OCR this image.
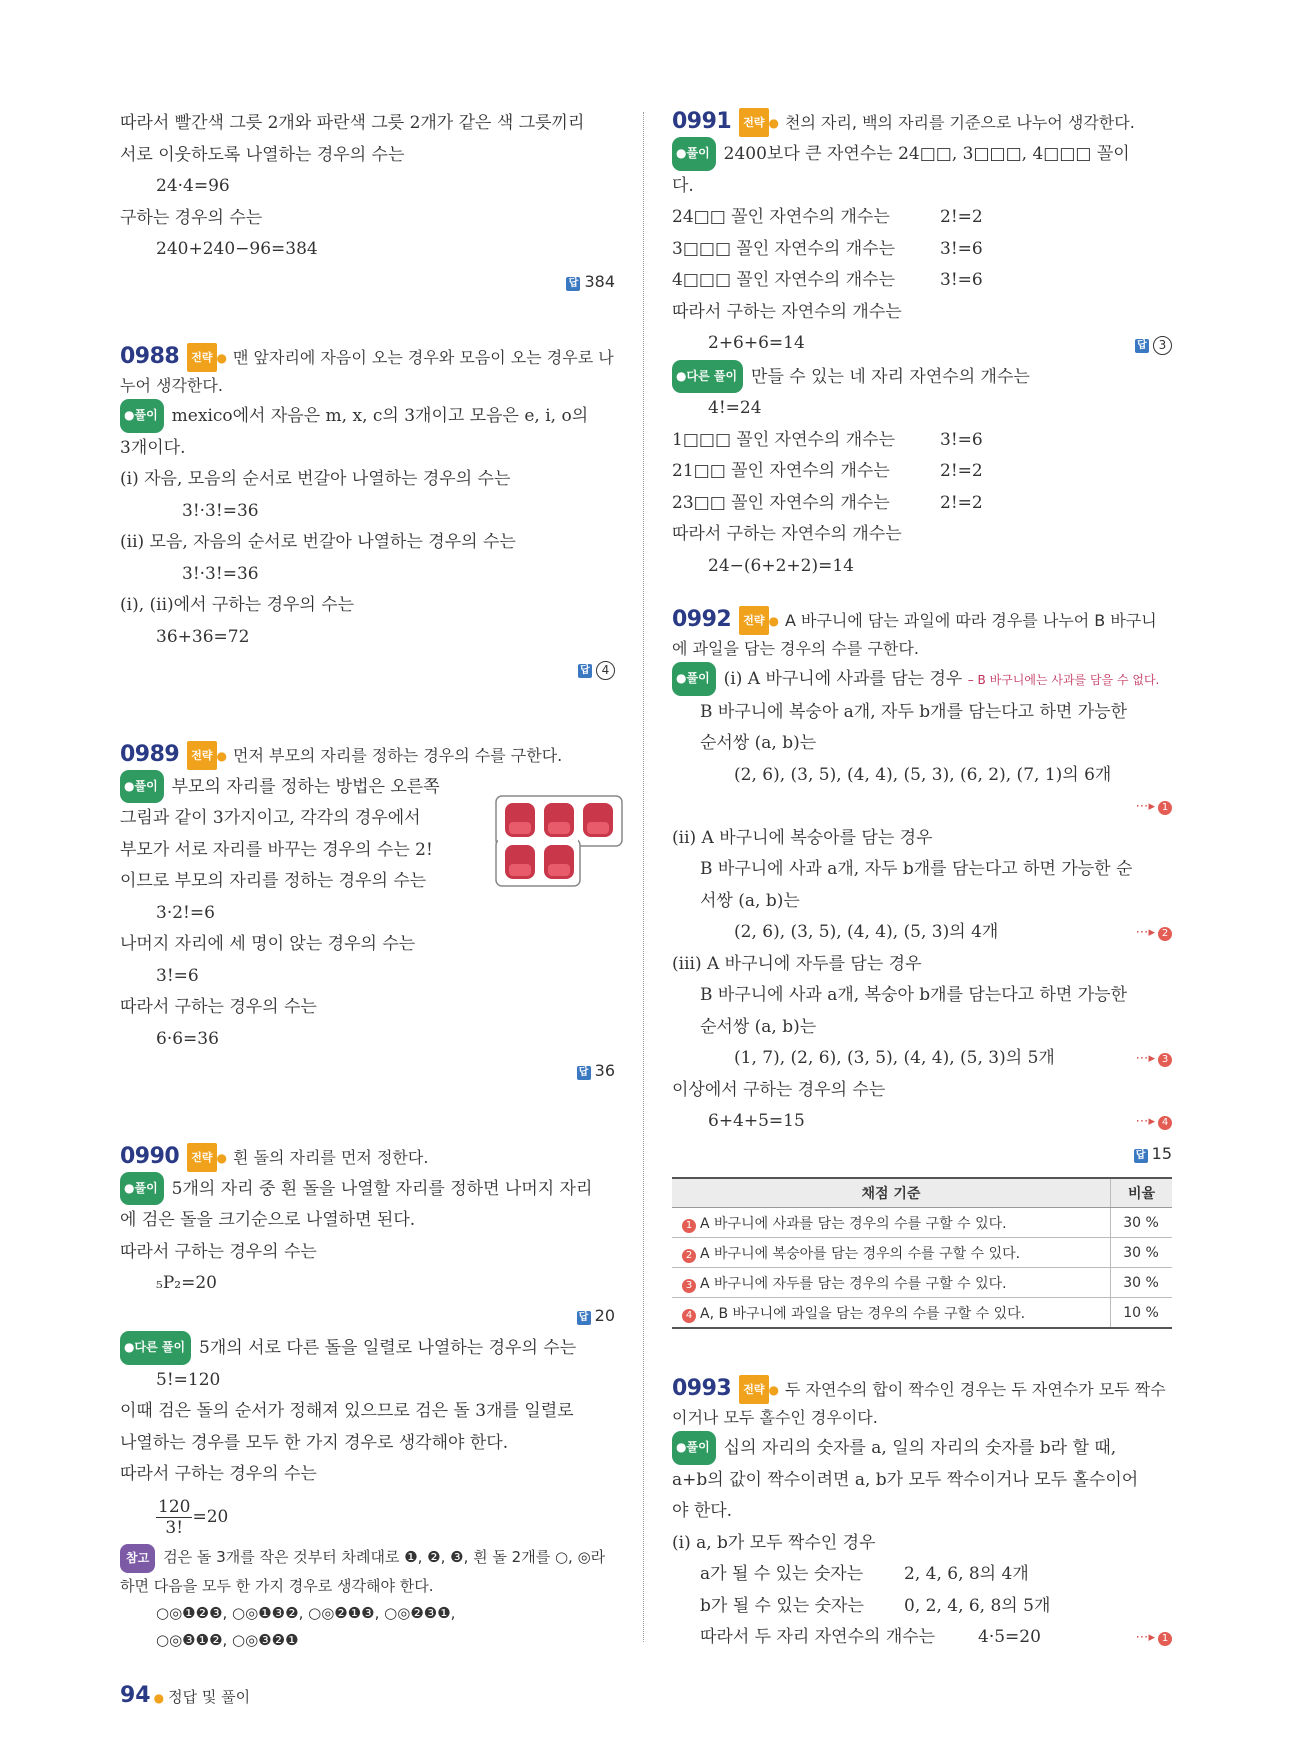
따라서 빨간색 그릇 2개와 파란색 그릇 2개가 같은 색 그릇끼리
서로 이웃하도록 나열하는 경우의 수는
24·4=96
구하는 경우의 수는
240+240−96=384
답 384
0988 전략 ● 맨 앞자리에 자음이 오는 경우와 모음이 오는 경우로 나누어 생각한다.
●풀이 mexico에서 자음은 m, x, c의 3개이고 모음은 e, i, o의
3개이다.
(i) 자음, 모음의 순서로 번갈아 나열하는 경우의 수는
3!·3!=36
(ii) 모음, 자음의 순서로 번갈아 나열하는 경우의 수는
3!·3!=36
(i), (ii)에서 구하는 경우의 수는
36+36=72
답 4
0989 전략 ● 먼저 부모의 자리를 정하는 경우의 수를 구한다.
●풀이 부모의 자리를 정하는 방법은 오른쪽
그림과 같이 3가지이고, 각각의 경우에서
부모가 서로 자리를 바꾸는 경우의 수는 2!
이므로 부모의 자리를 정하는 경우의 수는
3·2!=6
나머지 자리에 세 명이 앉는 경우의 수는
3!=6
따라서 구하는 경우의 수는
6·6=36
답 36
0990 전략 ● 흰 돌의 자리를 먼저 정한다.
●풀이 5개의 자리 중 흰 돌을 나열할 자리를 정하면 나머지 자리
에 검은 돌을 크기순으로 나열하면 된다.
따라서 구하는 경우의 수는
₅P₂=20
답 20
●다른 풀이 5개의 서로 다른 돌을 일렬로 나열하는 경우의 수는
5!=120
이때 검은 돌의 순서가 정해져 있으므로 검은 돌 3개를 일렬로
나열하는 경우를 모두 한 가지 경우로 생각해야 한다.
따라서 구하는 경우의 수는
$\frac{120}{3!} =20$
참고 검은 돌 3개를 작은 것부터 차례대로 ❶, ❷, ❸, 흰 돌 2개를 ○, ◎라
하면 다음을 모두 한 가지 경우로 생각해야 한다.
○◎❶❷❸, ○◎❶❸❷, ○◎❷❶❸, ○◎❷❸❶,
○◎❸❶❷, ○◎❸❷❶
0991 전략 ● 천의 자리, 백의 자리를 기준으로 나누어 생각한다.
●풀이 2400보다 큰 자연수는 24□□, 3□□□, 4□□□ 꼴이
다.
24□□ 꼴인 자연수의 개수는	2!=2
3□□□ 꼴인 자연수의 개수는	3!=6
4□□□ 꼴인 자연수의 개수는	3!=6
따라서 구하는 자연수의 개수는
2+6+6=14	답 3
●다른 풀이 만들 수 있는 네 자리 자연수의 개수는
4!=24
1□□□ 꼴인 자연수의 개수는	3!=6
21□□ 꼴인 자연수의 개수는	2!=2
23□□ 꼴인 자연수의 개수는	2!=2
따라서 구하는 자연수의 개수는
24−(6+2+2)=14
0992 전략 ● A 바구니에 담는 과일에 따라 경우를 나누어 B 바구니에 과일을 담는 경우의 수를 구한다.
●풀이 (i) A 바구니에 사과를 담는 경우 – B 바구니에는 사과를 담을 수 없다.
B 바구니에 복숭아 a개, 자두 b개를 담는다고 하면 가능한
순서쌍 (a, b)는
(2, 6), (3, 5), (4, 4), (5, 3), (6, 2), (7, 1)의 6개

⋯▸ 1
(ii) A 바구니에 복숭아를 담는 경우
B 바구니에 사과 a개, 자두 b개를 담는다고 하면 가능한 순
서쌍 (a, b)는
(2, 6), (3, 5), (4, 4), (5, 3)의 4개	⋯▸ 2
(iii) A 바구니에 자두를 담는 경우
B 바구니에 사과 a개, 복숭아 b개를 담는다고 하면 가능한
순서쌍 (a, b)는
(1, 7), (2, 6), (3, 5), (4, 4), (5, 3)의 5개	⋯▸ 3
이상에서 구하는 경우의 수는
6+4+5=15	⋯▸ 4
답 15
채점 기준	비율
1 A 바구니에 사과를 담는 경우의 수를 구할 수 있다.	30 %
2 A 바구니에 복숭아를 담는 경우의 수를 구할 수 있다.	30 %
3 A 바구니에 자두를 담는 경우의 수를 구할 수 있다.	30 %
4 A, B 바구니에 과일을 담는 경우의 수를 구할 수 있다.	10 %
0993 전략 ● 두 자연수의 합이 짝수인 경우는 두 자연수가 모두 짝수이거나 모두 홀수인 경우이다.
●풀이 십의 자리의 숫자를 a, 일의 자리의 숫자를 b라 할 때,
a+b의 값이 짝수이려면 a, b가 모두 짝수이거나 모두 홀수이어
야 한다.
(i) a, b가 모두 짝수인 경우
a가 될 수 있는 숫자는 2, 4, 6, 8의 4개
b가 될 수 있는 숫자는 0, 2, 4, 6, 8의 5개
따라서 두 자리 자연수의 개수는	4·5=20	⋯▸ 1
94 ● 정답 및 풀이
